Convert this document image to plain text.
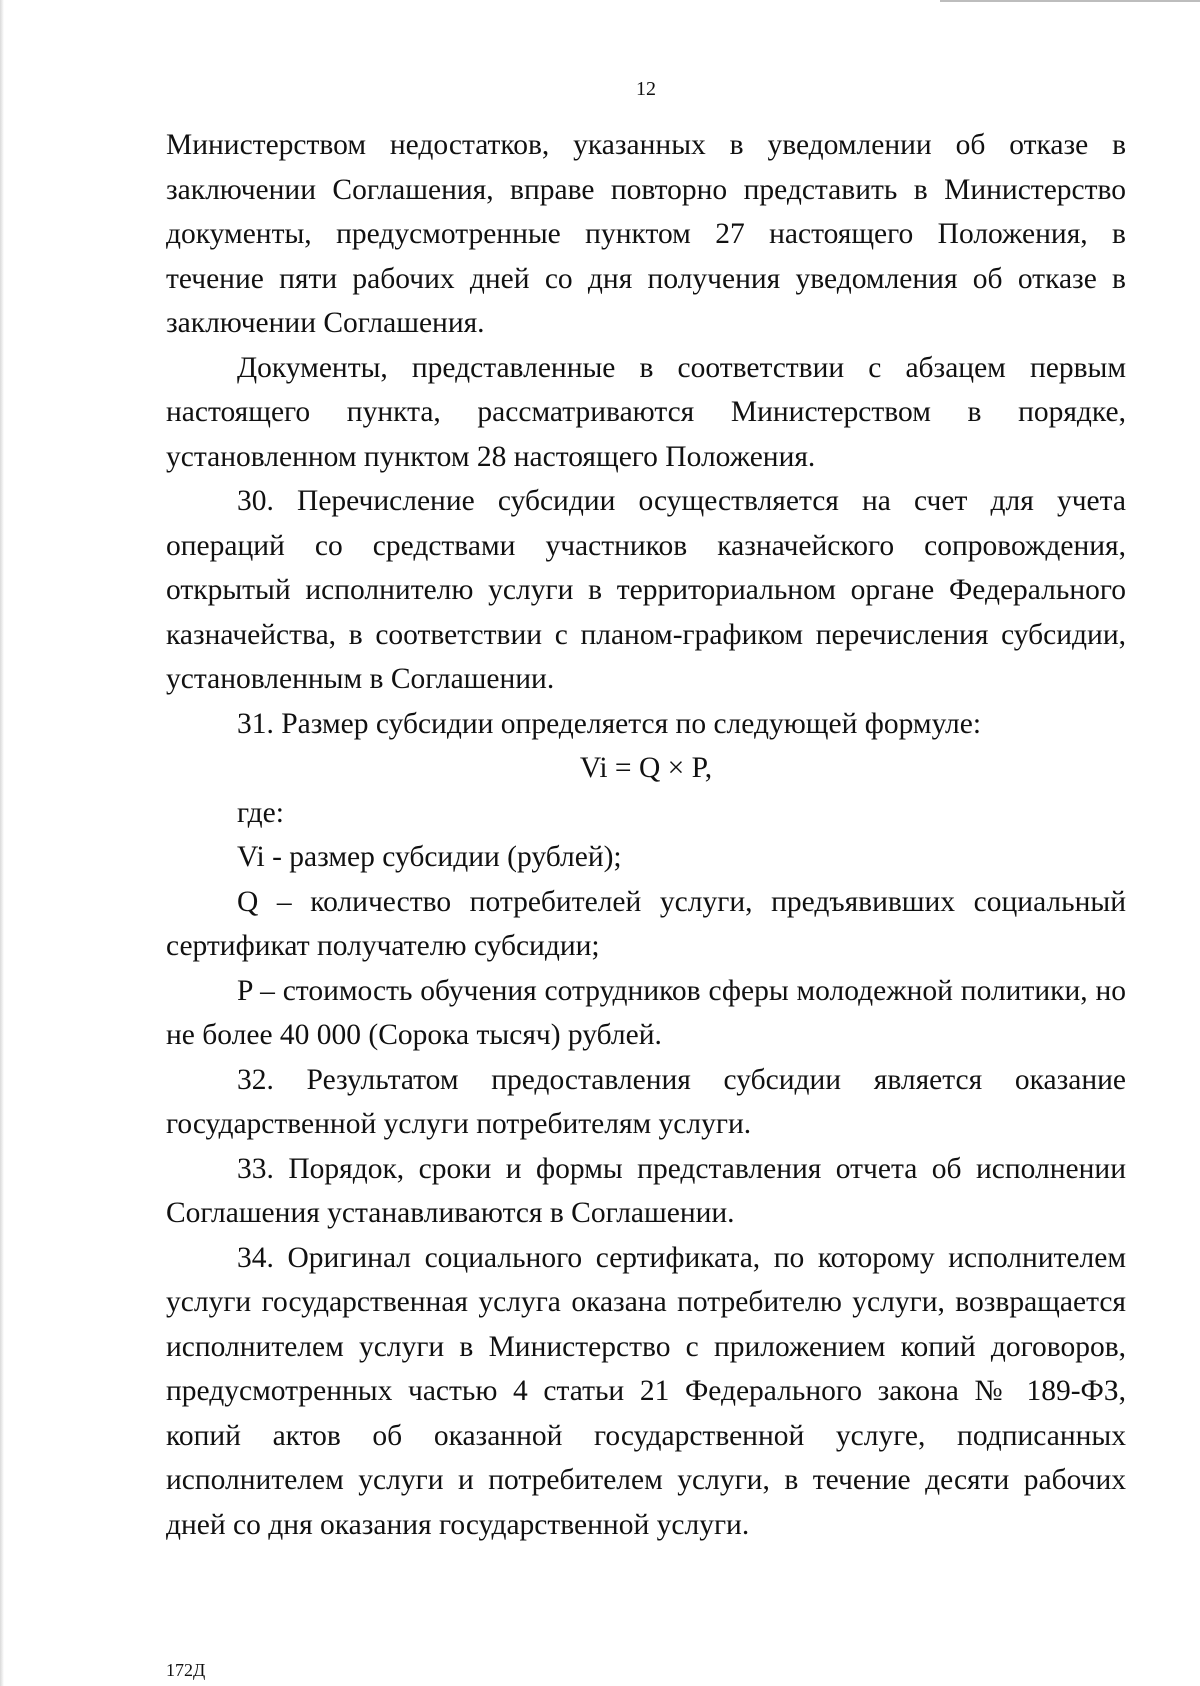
12

Министерством недостатков, указанных в уведомлении об отказе в заключении Соглашения, вправе повторно представить в Министерство документы, предусмотренные пунктом 27 настоящего Положения, в течение пяти рабочих дней со дня получения уведомления об отказе в заключении Соглашения.

Документы, представленные в соответствии с абзацем первым настоящего пункта, рассматриваются Министерством в порядке, установленном пунктом 28 настоящего Положения.

30. Перечисление субсидии осуществляется на счет для учета операций со средствами участников казначейского сопровождения, открытый исполнителю услуги в территориальном органе Федерального казначейства, в соответствии с планом-графиком перечисления субсидии, установленным в Соглашении.

31. Размер субсидии определяется по следующей формуле:

Vi = Q × P,

где:

Vi - размер субсидии (рублей);

Q – количество потребителей услуги, предъявивших социальный сертификат получателю субсидии;

P – стоимость обучения сотрудников сферы молодежной политики, но не более 40 000 (Сорока тысяч) рублей.

32. Результатом предоставления субсидии является оказание государственной услуги потребителям услуги.

33. Порядок, сроки и формы представления отчета об исполнении Соглашения устанавливаются в Соглашении.

34. Оригинал социального сертификата, по которому исполнителем услуги государственная услуга оказана потребителю услуги, возвращается исполнителем услуги в Министерство с приложением копий договоров, предусмотренных частью 4 статьи 21 Федерального закона № 189-ФЗ, копий актов об оказанной государственной услуге, подписанных исполнителем услуги и потребителем услуги, в течение десяти рабочих дней со дня оказания государственной услуги.

172Д
